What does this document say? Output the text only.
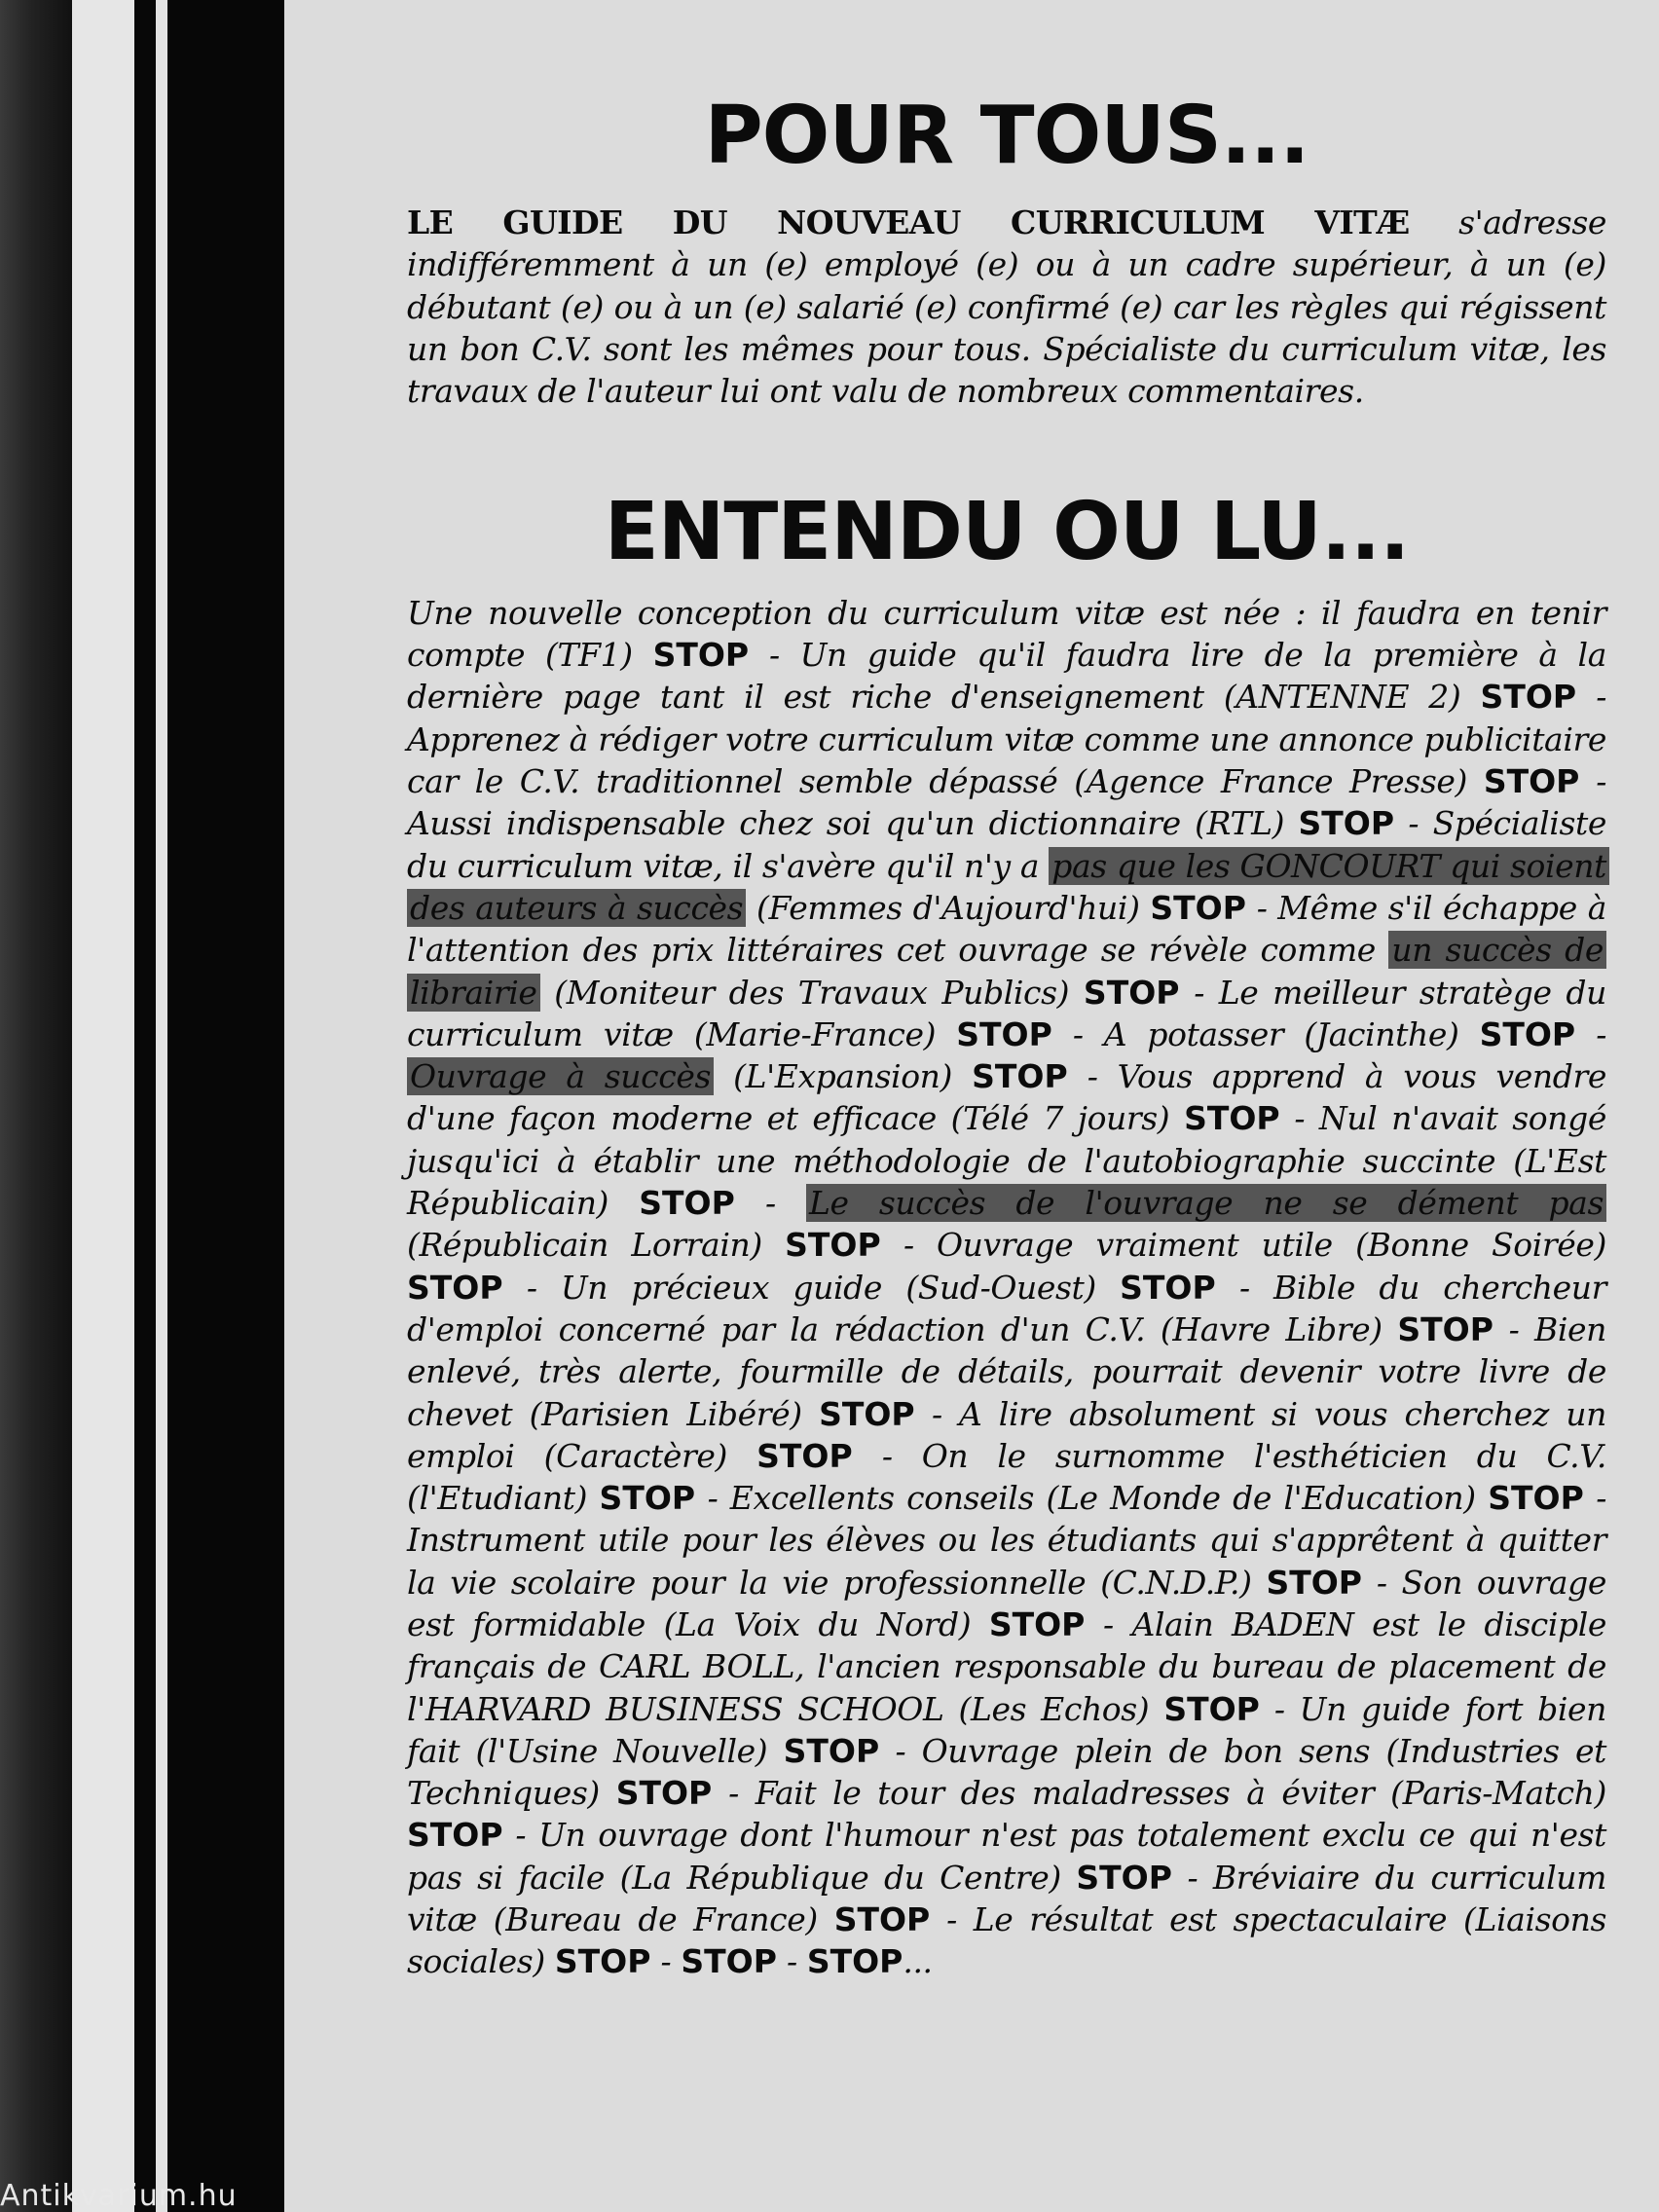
POUR TOUS...

LE GUIDE DU NOUVEAU CURRICULUM VITÆ s'adresse indifféremment à un (e) employé (e) ou à un cadre supérieur, à un (e) débutant (e) ou à un (e) salarié (e) confirmé (e) car les règles qui régissent un bon C.V. sont les mêmes pour tous. Spécialiste du curriculum vitæ, les travaux de l'auteur lui ont valu de nombreux commentaires.

ENTENDU OU LU...

Une nouvelle conception du curriculum vitæ est née : il faudra en tenir compte (TF1) STOP - Un guide qu'il faudra lire de la première à la dernière page tant il est riche d'enseignement (ANTENNE 2) STOP - Apprenez à rédiger votre curriculum vitæ comme une annonce publicitaire car le C.V. traditionnel semble dépassé (Agence France Presse) STOP - Aussi indispensable chez soi qu'un dictionnaire (RTL) STOP - Spécialiste du curriculum vitæ, il s'avère qu'il n'y a pas que les GONCOURT qui soient des auteurs à succès (Femmes d'Aujourd'hui) STOP - Même s'il échappe à l'attention des prix littéraires cet ouvrage se révèle comme un succès de librairie (Moniteur des Travaux Publics) STOP - Le meilleur stratège du curriculum vitæ (Marie-France) STOP - A potasser (Jacinthe) STOP - Ouvrage à succès (L'Expansion) STOP - Vous apprend à vous vendre d'une façon moderne et efficace (Télé 7 jours) STOP - Nul n'avait songé jusqu'ici à établir une méthodologie de l'autobiographie succinte (L'Est Républicain) STOP - Le succès de l'ouvrage ne se dément pas (Républicain Lorrain) STOP - Ouvrage vraiment utile (Bonne Soirée) STOP - Un précieux guide (Sud-Ouest) STOP - Bible du chercheur d'emploi concerné par la rédaction d'un C.V. (Havre Libre) STOP - Bien enlevé, très alerte, fourmille de détails, pourrait devenir votre livre de chevet (Parisien Libéré) STOP - A lire absolument si vous cherchez un emploi (Caractère) STOP - On le surnomme l'esthéticien du C.V. (l'Etudiant) STOP - Excellents conseils (Le Monde de l'Education) STOP - Instrument utile pour les élèves ou les étudiants qui s'apprêtent à quitter la vie scolaire pour la vie professionnelle (C.N.D.P.) STOP - Son ouvrage est formidable (La Voix du Nord) STOP - Alain BADEN est le disciple français de CARL BOLL, l'ancien responsable du bureau de placement de l'HARVARD BUSINESS SCHOOL (Les Echos) STOP - Un guide fort bien fait (l'Usine Nouvelle) STOP - Ouvrage plein de bon sens (Industries et Techniques) STOP - Fait le tour des maladresses à éviter (Paris-Match) STOP - Un ouvrage dont l'humour n'est pas totalement exclu ce qui n'est pas si facile (La République du Centre) STOP - Bréviaire du curriculum vitæ (Bureau de France) STOP - Le résultat est spectaculaire (Liaisons sociales) STOP - STOP - STOP...

Antikvarium.hu
